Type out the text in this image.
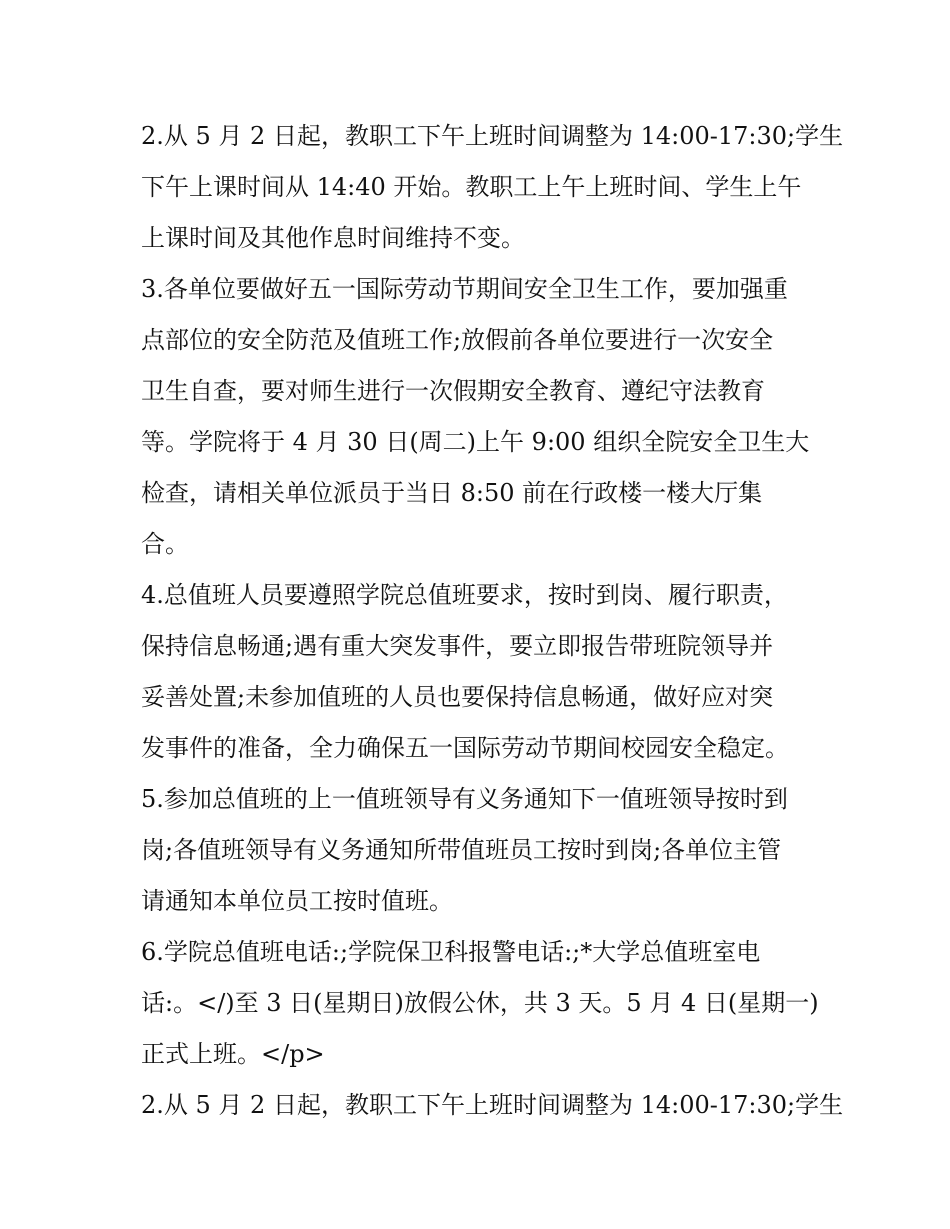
2.从 5 月 2 日起，教职工下午上班时间调整为 14:00-17:30;学生
下午上课时间从 14:40 开始。教职工上午上班时间、学生上午
上课时间及其他作息时间维持不变。
3.各单位要做好五一国际劳动节期间安全卫生工作，要加强重
点部位的安全防范及值班工作;放假前各单位要进行一次安全
卫生自查，要对师生进行一次假期安全教育、遵纪守法教育
等。学院将于 4 月 30 日(周二)上午 9:00 组织全院安全卫生大
检查，请相关单位派员于当日 8:50 前在行政楼一楼大厅集
合。
4.总值班人员要遵照学院总值班要求，按时到岗、履行职责，
保持信息畅通;遇有重大突发事件，要立即报告带班院领导并
妥善处置;未参加值班的人员也要保持信息畅通，做好应对突
发事件的准备，全力确保五一国际劳动节期间校园安全稳定。
5.参加总值班的上一值班领导有义务通知下一值班领导按时到
岗;各值班领导有义务通知所带值班员工按时到岗;各单位主管
请通知本单位员工按时值班。
6.学院总值班电话:;学院保卫科报警电话:;*大学总值班室电
话:。</)至 3 日(星期日)放假公休，共 3 天。5 月 4 日(星期一)
正式上班。</p>
2.从 5 月 2 日起，教职工下午上班时间调整为 14:00-17:30;学生
